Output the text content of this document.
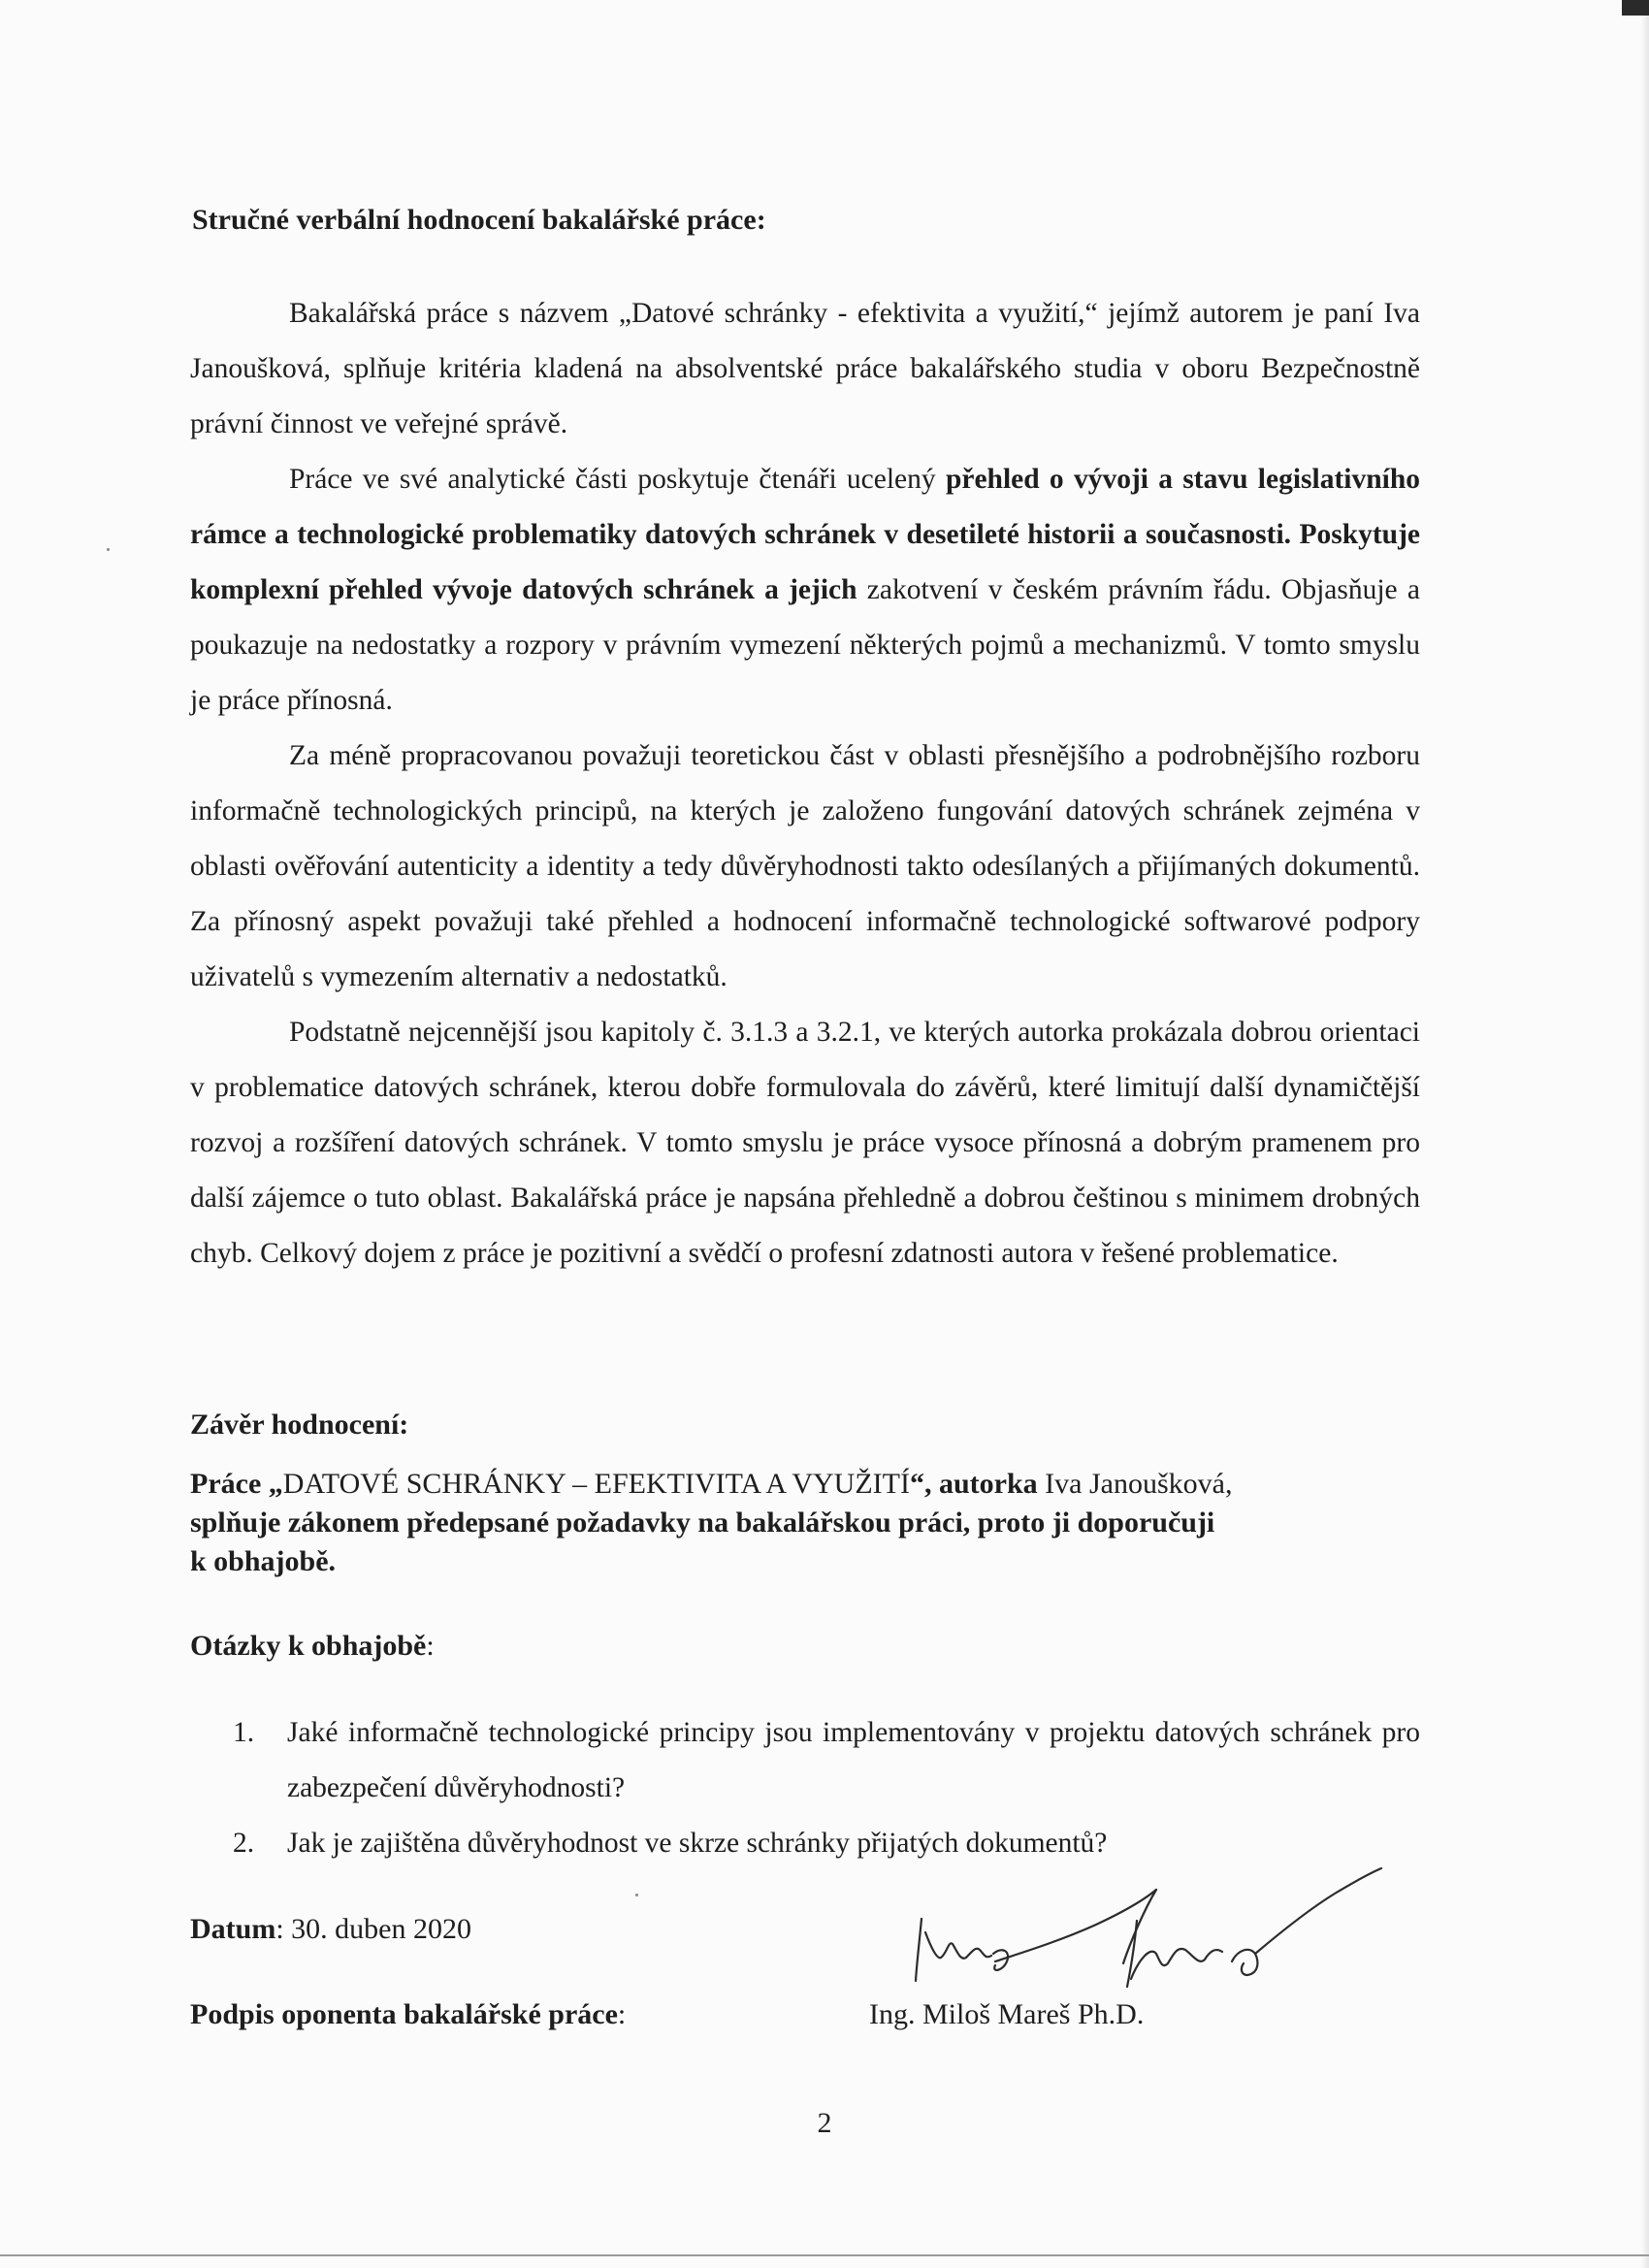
Stručné verbální hodnocení bakalářské práce:

Bakalářská práce s názvem „Datové schránky - efektivita a využití,“ jejímž autorem je paní Iva Janoušková, splňuje kritéria kladená na absolventské práce bakalářského studia v oboru Bezpečnostně právní činnost ve veřejné správě.

Práce ve své analytické části poskytuje čtenáři ucelený přehled o vývoji a stavu legislativního rámce a technologické problematiky datových schránek v desetileté historii a současnosti. Poskytuje komplexní přehled vývoje datových schránek a jejich zakotvení v českém právním řádu. Objasňuje a poukazuje na nedostatky a rozpory v právním vymezení některých pojmů a mechanizmů. V tomto smyslu je práce přínosná.

Za méně propracovanou považuji teoretickou část v oblasti přesnějšího a podrobnějšího rozboru informačně technologických principů, na kterých je založeno fungování datových schránek zejména v oblasti ověřování autenticity a identity a tedy důvěryhodnosti takto odesílaných a přijímaných dokumentů. Za přínosný aspekt považuji také přehled a hodnocení informačně technologické softwarové podpory uživatelů s vymezením alternativ a nedostatků.

Podstatně nejcennější jsou kapitoly č. 3.1.3 a 3.2.1, ve kterých autorka prokázala dobrou orientaci v problematice datových schránek, kterou dobře formulovala do závěrů, které limitují další dynamičtější rozvoj a rozšíření datových schránek. V tomto smyslu je práce vysoce přínosná a dobrým pramenem pro další zájemce o tuto oblast. Bakalářská práce je napsána přehledně a dobrou češtinou s minimem drobných chyb. Celkový dojem z práce je pozitivní a svědčí o profesní zdatnosti autora v řešené problematice.

Závěr hodnocení:
Práce „DATOVÉ SCHRÁNKY – EFEKTIVITA A VYUŽITÍ“, autorka Iva Janoušková,
splňuje zákonem předepsané požadavky na bakalářskou práci, proto ji doporučuji
k obhajobě.
Otázky k obhajobě:
1. Jaké informačně technologické principy jsou implementovány v projektu datových schránek pro zabezpečení důvěryhodnosti?
2. Jak je zajištěna důvěryhodnost ve skrze schránky přijatých dokumentů?
Datum: 30. duben 2020
Podpis oponenta bakalářské práce:	Ing. Miloš Mareš Ph.D.
2
